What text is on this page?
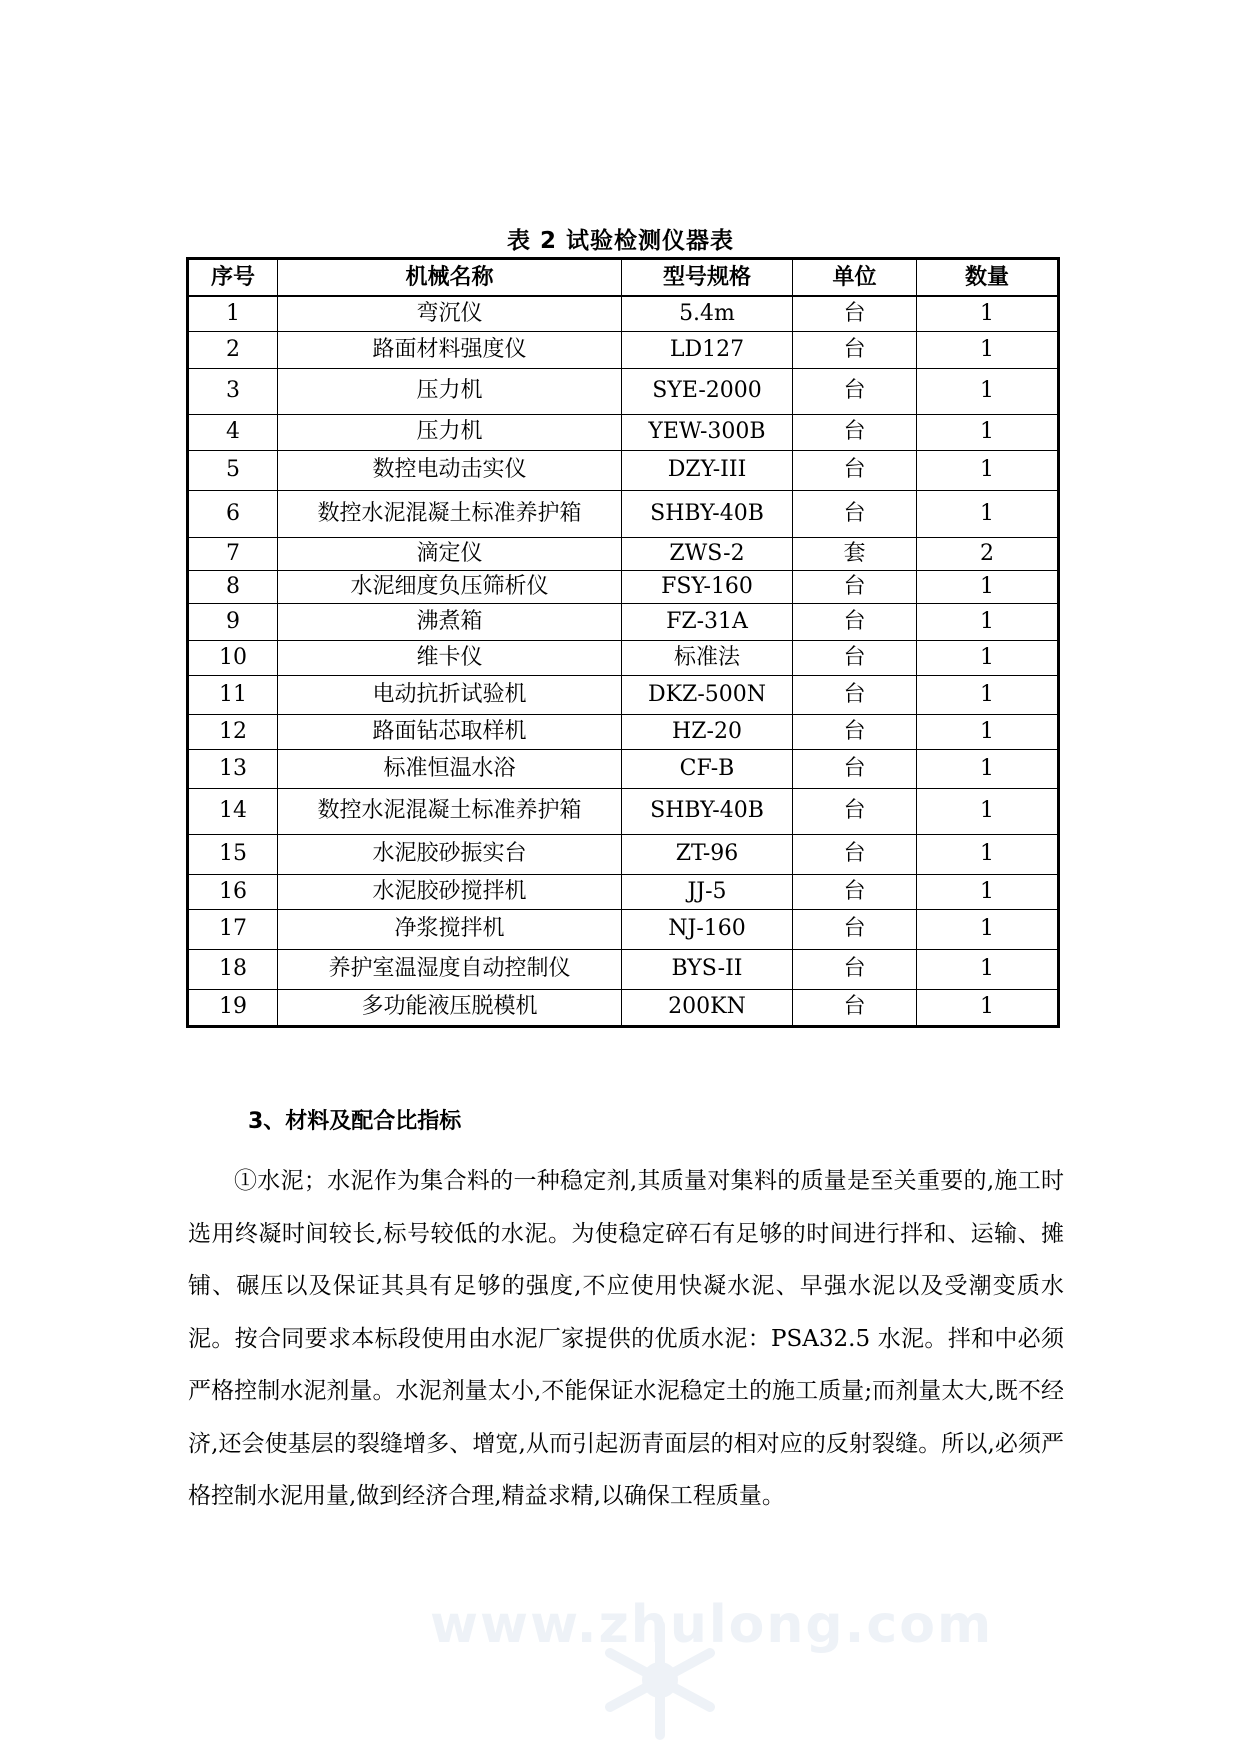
表 2 试验检测仪器表
序号	机械名称	型号规格	单位	数量
1	弯沉仪	5.4m	台	1
2	路面材料强度仪	LD127	台	1
3	压力机	SYE-2000	台	1
4	压力机	YEW-300B	台	1
5	数控电动击实仪	DZY-III	台	1
6	数控水泥混凝土标准养护箱	SHBY-40B	台	1
7	滴定仪	ZWS-2	套	2
8	水泥细度负压筛析仪	FSY-160	台	1
9	沸煮箱	FZ-31A	台	1
10	维卡仪	标准法	台	1
11	电动抗折试验机	DKZ-500N	台	1
12	路面钻芯取样机	HZ-20	台	1
13	标准恒温水浴	CF-B	台	1
14	数控水泥混凝土标准养护箱	SHBY-40B	台	1
15	水泥胶砂振实台	ZT-96	台	1
16	水泥胶砂搅拌机	JJ-5	台	1
17	净浆搅拌机	NJ-160	台	1
18	养护室温湿度自动控制仪	BYS-II	台	1
19	多功能液压脱模机	200KN	台	1
3、材料及配合比指标

①水泥；水泥作为集合料的一种稳定剂,其质量对集料的质量是至关重要的,施工时选用终凝时间较长,标号较低的水泥。为使稳定碎石有足够的时间进行拌和、运输、摊铺、碾压以及保证其具有足够的强度,不应使用快凝水泥、早强水泥以及受潮变质水泥。按合同要求本标段使用由水泥厂家提供的优质水泥：PSA32.5 水泥。拌和中必须严格控制水泥剂量。水泥剂量太小,不能保证水泥稳定土的施工质量;而剂量太大,既不经济,还会使基层的裂缝增多、增宽,从而引起沥青面层的相对应的反射裂缝。所以,必须严格控制水泥用量,做到经济合理,精益求精,以确保工程质量。

www.zhulong.com
